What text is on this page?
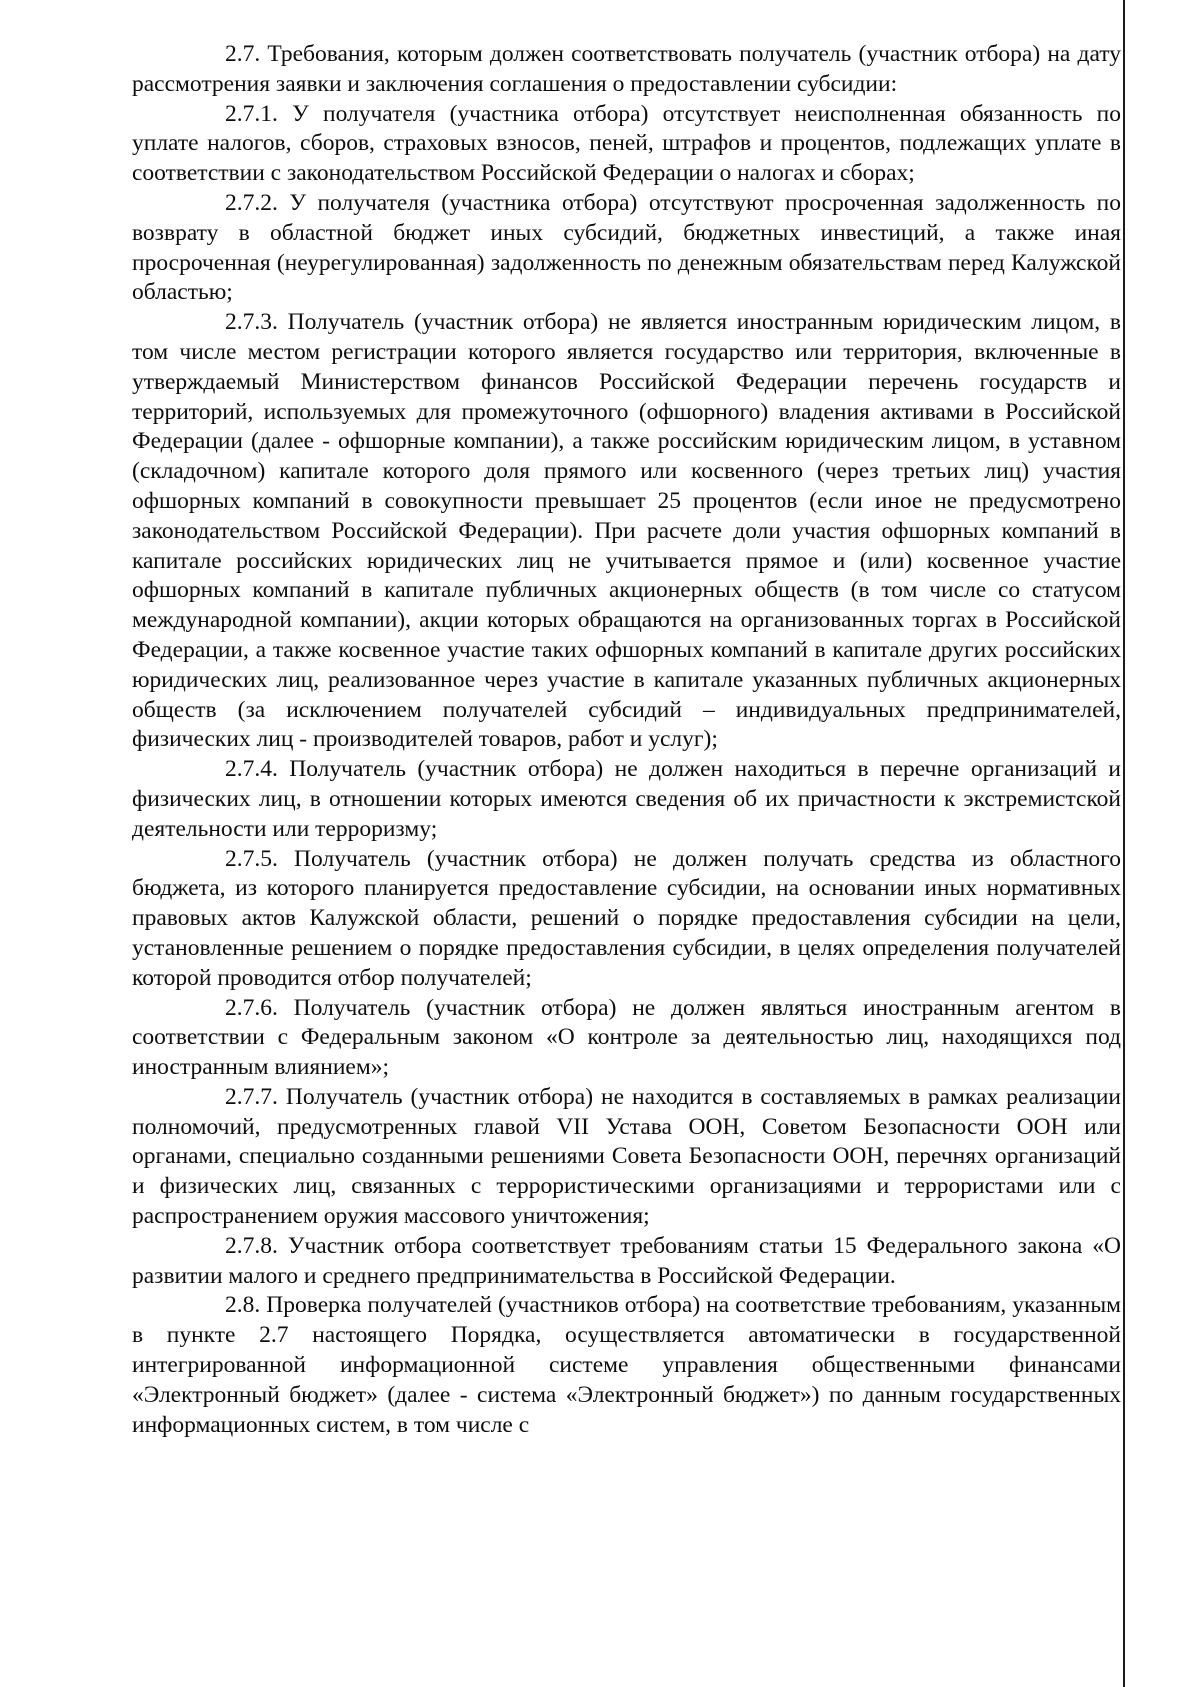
2.7. Требования, которым должен соответствовать получатель (участник отбора) на дату рассмотрения заявки и заключения соглашения о предоставлении субсидии:

2.7.1. У получателя (участника отбора) отсутствует неисполненная обязанность по уплате налогов, сборов, страховых взносов, пеней, штрафов и процентов, подлежащих уплате в соответствии с законодательством Российской Федерации о налогах и сборах;

2.7.2. У получателя (участника отбора) отсутствуют просроченная задолженность по возврату в областной бюджет иных субсидий, бюджетных инвестиций, а также иная просроченная (неурегулированная) задолженность по денежным обязательствам перед Калужской областью;

2.7.3. Получатель (участник отбора) не является иностранным юридическим лицом, в том числе местом регистрации которого является государство или территория, включенные в утверждаемый Министерством финансов Российской Федерации перечень государств и территорий, используемых для промежуточного (офшорного) владения активами в Российской Федерации (далее - офшорные компании), а также российским юридическим лицом, в уставном (складочном) капитале которого доля прямого или косвенного (через третьих лиц) участия офшорных компаний в совокупности превышает 25 процентов (если иное не предусмотрено законодательством Российской Федерации). При расчете доли участия офшорных компаний в капитале российских юридических лиц не учитывается прямое и (или) косвенное участие офшорных компаний в капитале публичных акционерных обществ (в том числе со статусом международной компании), акции которых обращаются на организованных торгах в Российской Федерации, а также косвенное участие таких офшорных компаний в капитале других российских юридических лиц, реализованное через участие в капитале указанных публичных акционерных обществ (за исключением получателей субсидий – индивидуальных предпринимателей, физических лиц - производителей товаров, работ и услуг);

2.7.4. Получатель (участник отбора) не должен находиться в перечне организаций и физических лиц, в отношении которых имеются сведения об их причастности к экстремистской деятельности или терроризму;

2.7.5. Получатель (участник отбора) не должен получать средства из областного бюджета, из которого планируется предоставление субсидии, на основании иных нормативных правовых актов Калужской области, решений о порядке предоставления субсидии на цели, установленные решением о порядке предоставления субсидии, в целях определения получателей которой проводится отбор получателей;

2.7.6. Получатель (участник отбора) не должен являться иностранным агентом в соответствии с Федеральным законом «О контроле за деятельностью лиц, находящихся под иностранным влиянием»;

2.7.7. Получатель (участник отбора) не находится в составляемых в рамках реализации полномочий, предусмотренных главой VII Устава ООН, Советом Безопасности ООН или органами, специально созданными решениями Совета Безопасности ООН, перечнях организаций и физических лиц, связанных с террористическими организациями и террористами или с распространением оружия массового уничтожения;

2.7.8. Участник отбора соответствует требованиям статьи 15 Федерального закона «О развитии малого и среднего предпринимательства в Российской Федерации.

2.8. Проверка получателей (участников отбора) на соответствие требованиям, указанным в пункте 2.7 настоящего Порядка, осуществляется автоматически в государственной интегрированной информационной системе управления общественными финансами «Электронный бюджет» (далее - система «Электронный бюджет») по данным государственных информационных систем, в том числе с
